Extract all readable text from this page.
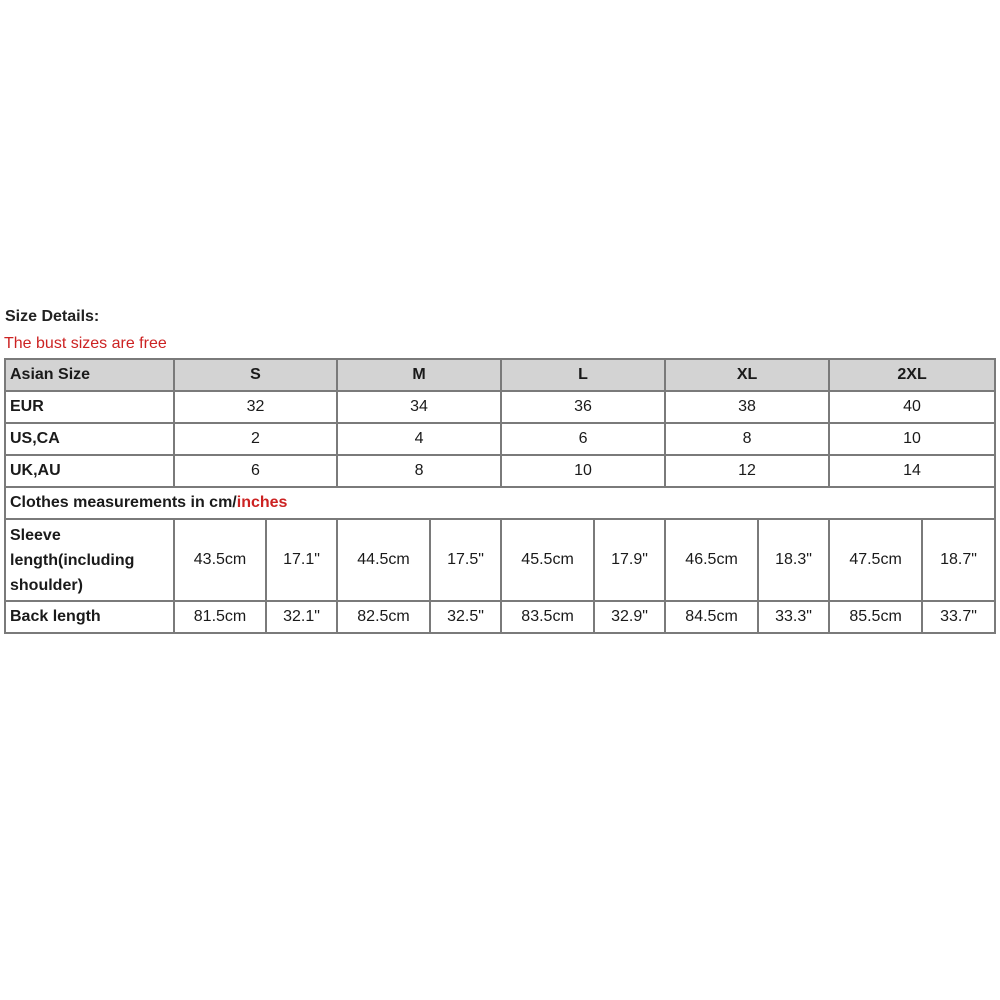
Size Details:
The bust sizes are free
Asian Size	S		M		L		XL		2XL	
EUR	32		34		36		38		40	
US,CA	2		4		6		8		10	
UK,AU	6		8		10		12		14	
Clothes measurements in cm/inches										
Sleeve length(including shoulder)	43.5cm	17.1"	44.5cm	17.5"	45.5cm	17.9"	46.5cm	18.3"	47.5cm	18.7"
Back length	81.5cm	32.1"	82.5cm	32.5"	83.5cm	32.9"	84.5cm	33.3"	85.5cm	33.7"
